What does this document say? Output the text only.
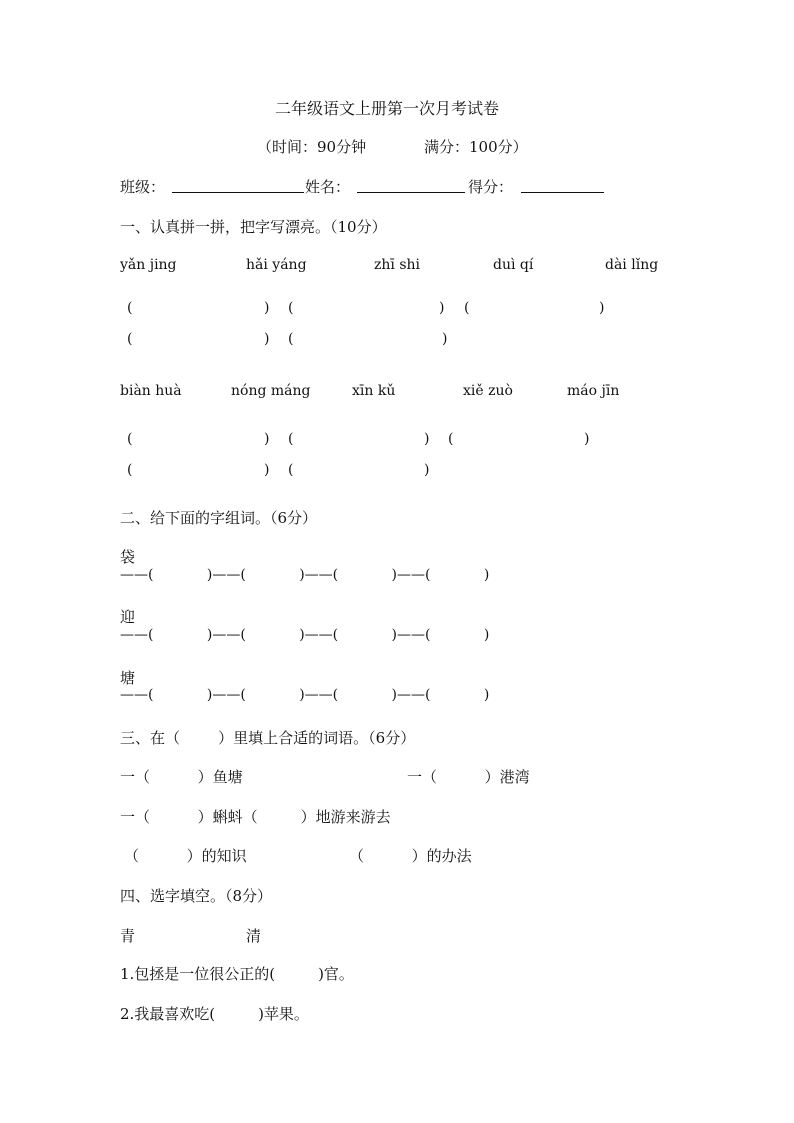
二年级语文上册第一次月考试卷
（时间：90分钟	满分：100分）
班级：	姓名：	得分：
一、认真拼一拼，把字写漂亮。（10分）
yǎn jing	hǎi yáng	zhī shi	duì qí	dài lǐng
(	) (	) (	)
(	) (	)
biàn huà	nóng máng	xīn kǔ	xiě zuò	máo jīn
(	) (	) (	)
(	) (	)
二、给下面的字组词。（6分）
袋
——(            )——(            )——(            )——(            )
迎
——(            )——(            )——(            )——(            )
塘
——(            )——(            )——(            )——(            )
三、在（        ）里填上合适的词语。（6分）
一（          ）鱼塘	一（          ）港湾
一（          ）蝌蚪（         ）地游来游去
（          ）的知识	（          ）的办法
四、选字填空。（8分）
青	清
1.包拯是一位很公正的(         )官。
2.我最喜欢吃(         )苹果。
